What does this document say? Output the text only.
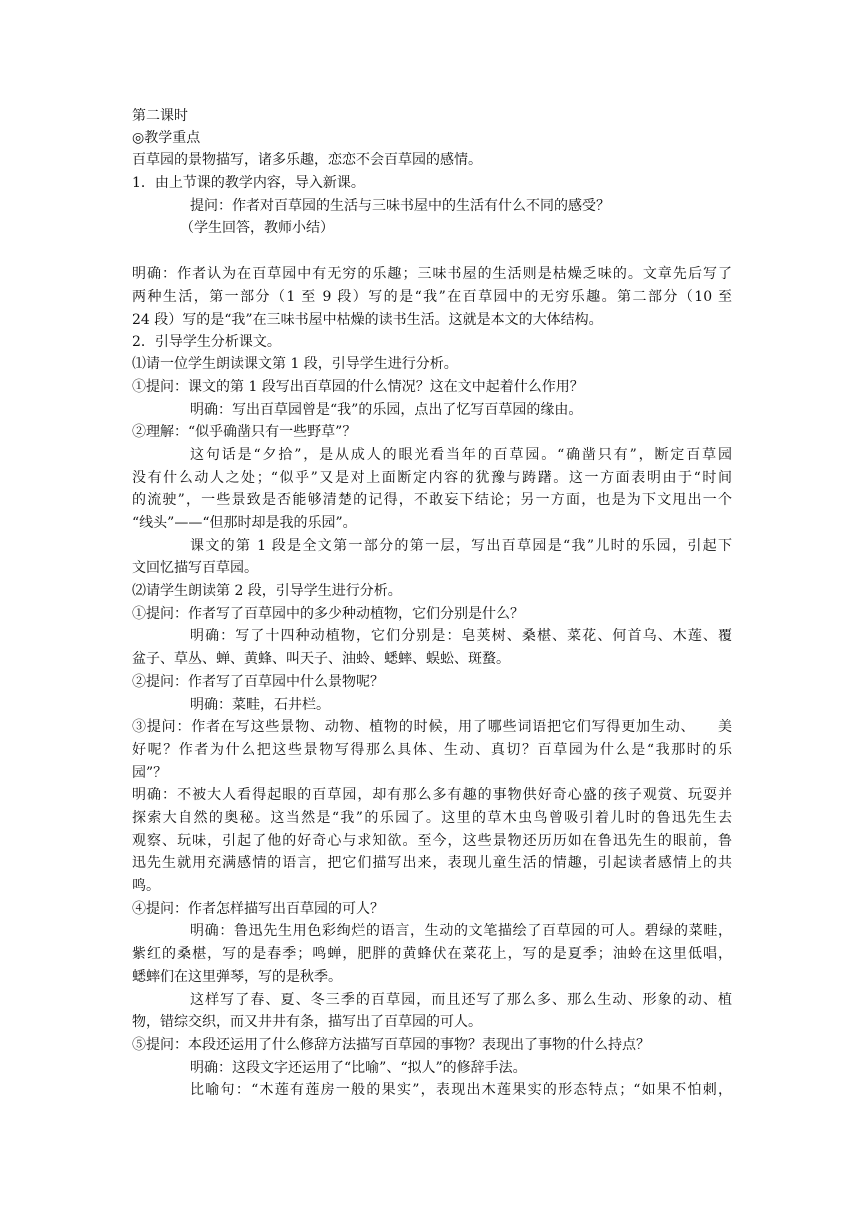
第二课时
◎教学重点
百草园的景物描写，诸多乐趣，恋恋不会百草园的感情。
1．由上节课的教学内容，导入新课。
提问：作者对百草园的生活与三味书屋中的生活有什么不同的感受？
（学生回答，教师小结）
明确：作者认为在百草园中有无穷的乐趣；三味书屋的生活则是枯燥乏味的。文章先后写了
两种生活，第一部分（1 至 9 段）写的是“我”在百草园中的无穷乐趣。第二部分（10 至
24 段）写的是“我”在三味书屋中枯燥的读书生活。这就是本文的大体结构。
2．引导学生分析课文。
⑴请一位学生朗读课文第 1 段，引导学生进行分析。
①提问：课文的第 1 段写出百草园的什么情况？这在文中起着什么作用？
明确：写出百草园曾是“我”的乐园，点出了忆写百草园的缘由。
②理解：“似乎确凿只有一些野草”？
这句话是“夕拾”，是从成人的眼光看当年的百草园。“确凿只有”，断定百草园
没有什么动人之处；“似乎”又是对上面断定内容的犹豫与踌躇。这一方面表明由于“时间
的流驶”，一些景致是否能够清楚的记得，不敢妄下结论；另一方面，也是为下文甩出一个
“线头”——“但那时却是我的乐园”。
课文的第 1 段是全文第一部分的第一层，写出百草园是“我”儿时的乐园，引起下
文回忆描写百草园。
⑵请学生朗读第 2 段，引导学生进行分析。
①提问：作者写了百草园中的多少种动植物，它们分别是什么？
明确：写了十四种动植物，它们分别是：皂荚树、桑椹、菜花、何首乌、木莲、覆
盆子、草丛、蝉、黄蜂、叫天子、油蛉、蟋蟀、蜈蚣、斑蝥。
②提问：作者写了百草园中什么景物呢？
明确：菜畦，石井栏。
③提问：作者在写这些景物、动物、植物的时候，用了哪些词语把它们写得更加生动、　　美
好呢？作者为什么把这些景物写得那么具体、生动、真切？百草园为什么是“我那时的乐
园”？
明确：不被大人看得起眼的百草园，却有那么多有趣的事物供好奇心盛的孩子观赏、玩耍并
探索大自然的奥秘。这当然是“我”的乐园了。这里的草木虫鸟曾吸引着儿时的鲁迅先生去
观察、玩味，引起了他的好奇心与求知欲。至今，这些景物还历历如在鲁迅先生的眼前，鲁
迅先生就用充满感情的语言，把它们描写出来，表现儿童生活的情趣，引起读者感情上的共
鸣。
④提问：作者怎样描写出百草园的可人？
明确：鲁迅先生用色彩绚烂的语言，生动的文笔描绘了百草园的可人。碧绿的菜畦，
紫红的桑椹，写的是春季；鸣蝉，肥胖的黄蜂伏在菜花上，写的是夏季；油蛉在这里低唱，
蟋蟀们在这里弹琴，写的是秋季。
这样写了春、夏、冬三季的百草园，而且还写了那么多、那么生动、形象的动、植
物，错综交织，而又井井有条，描写出了百草园的可人。
⑤提问：本段还运用了什么修辞方法描写百草园的事物？表现出了事物的什么持点？
明确：这段文字还运用了“比喻”、“拟人”的修辞手法。
比喻句：“木莲有莲房一般的果实”，表现出木莲果实的形态特点；“如果不怕刺，
